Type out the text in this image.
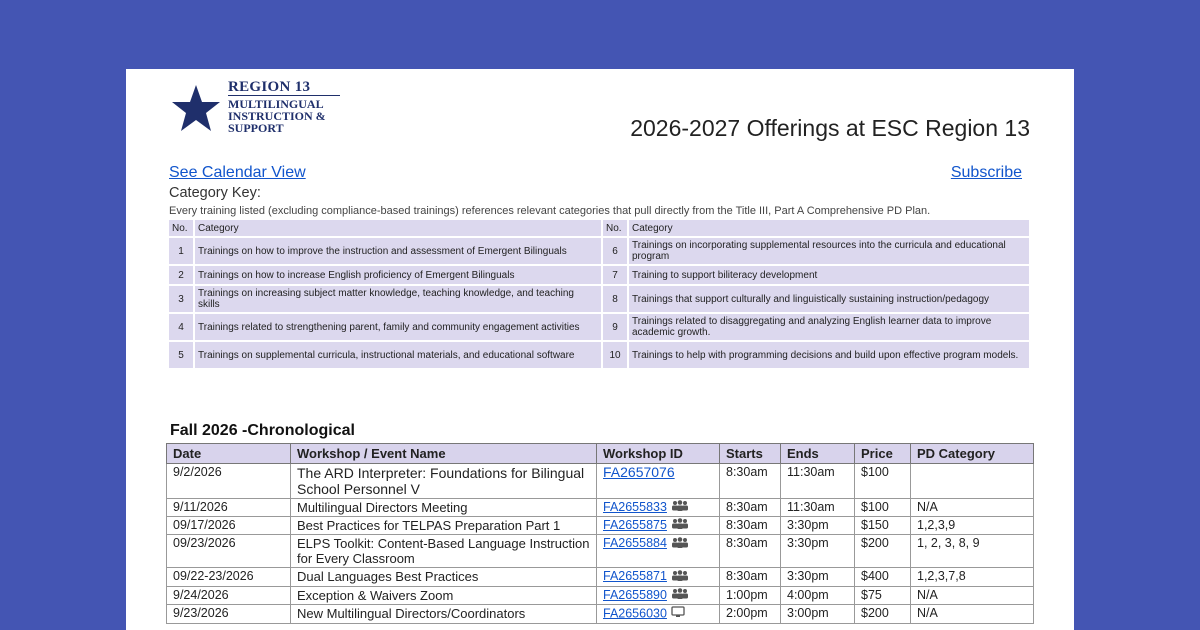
REGION 13
MULTILINGUAL
INSTRUCTION &
SUPPORT	2026-2027 Offerings at ESC Region 13
See Calendar View	Subscribe
Category Key:
Every training listed (excluding compliance-based trainings) references relevant categories that pull directly from the Title III, Part A Comprehensive PD Plan.
No.	Category	No.	Category
1	Trainings on how to improve the instruction and assessment of Emergent Bilinguals	6	Trainings on incorporating supplemental resources into the curricula and educational program
2	Trainings on how to increase English proficiency of Emergent Bilinguals	7	Training to support biliteracy development
3	Trainings on increasing subject matter knowledge, teaching knowledge, and teaching skills	8	Trainings that support culturally and linguistically sustaining instruction/pedagogy
4	Trainings related to strengthening parent, family and community engagement activities	9	Trainings related to disaggregating and analyzing English learner data to improve academic growth.
5	Trainings on supplemental curricula, instructional materials, and educational software	10	Trainings to help with programming decisions and build upon effective program models.
Fall 2026 -Chronological
Date	Workshop / Event Name	Workshop ID	Starts	Ends	Price	PD Category
9/2/2026	The ARD Interpreter: Foundations for Bilingual School Personnel V	FA2657076	8:30am	11:30am	$100	
9/11/2026	Multilingual Directors Meeting	FA2655833	8:30am	11:30am	$100	N/A
09/17/2026	Best Practices for TELPAS Preparation Part 1	FA2655875	8:30am	3:30pm	$150	1,2,3,9
09/23/2026	ELPS Toolkit: Content-Based Language Instruction for Every Classroom	FA2655884	8:30am	3:30pm	$200	1, 2, 3, 8, 9
09/22-23/2026	Dual Languages Best Practices	FA2655871	8:30am	3:30pm	$400	1,2,3,7,8
9/24/2026	Exception & Waivers Zoom	FA2655890	1:00pm	4:00pm	$75	N/A
9/23/2026	New Multilingual Directors/Coordinators	FA2656030	2:00pm	3:00pm	$200	N/A
